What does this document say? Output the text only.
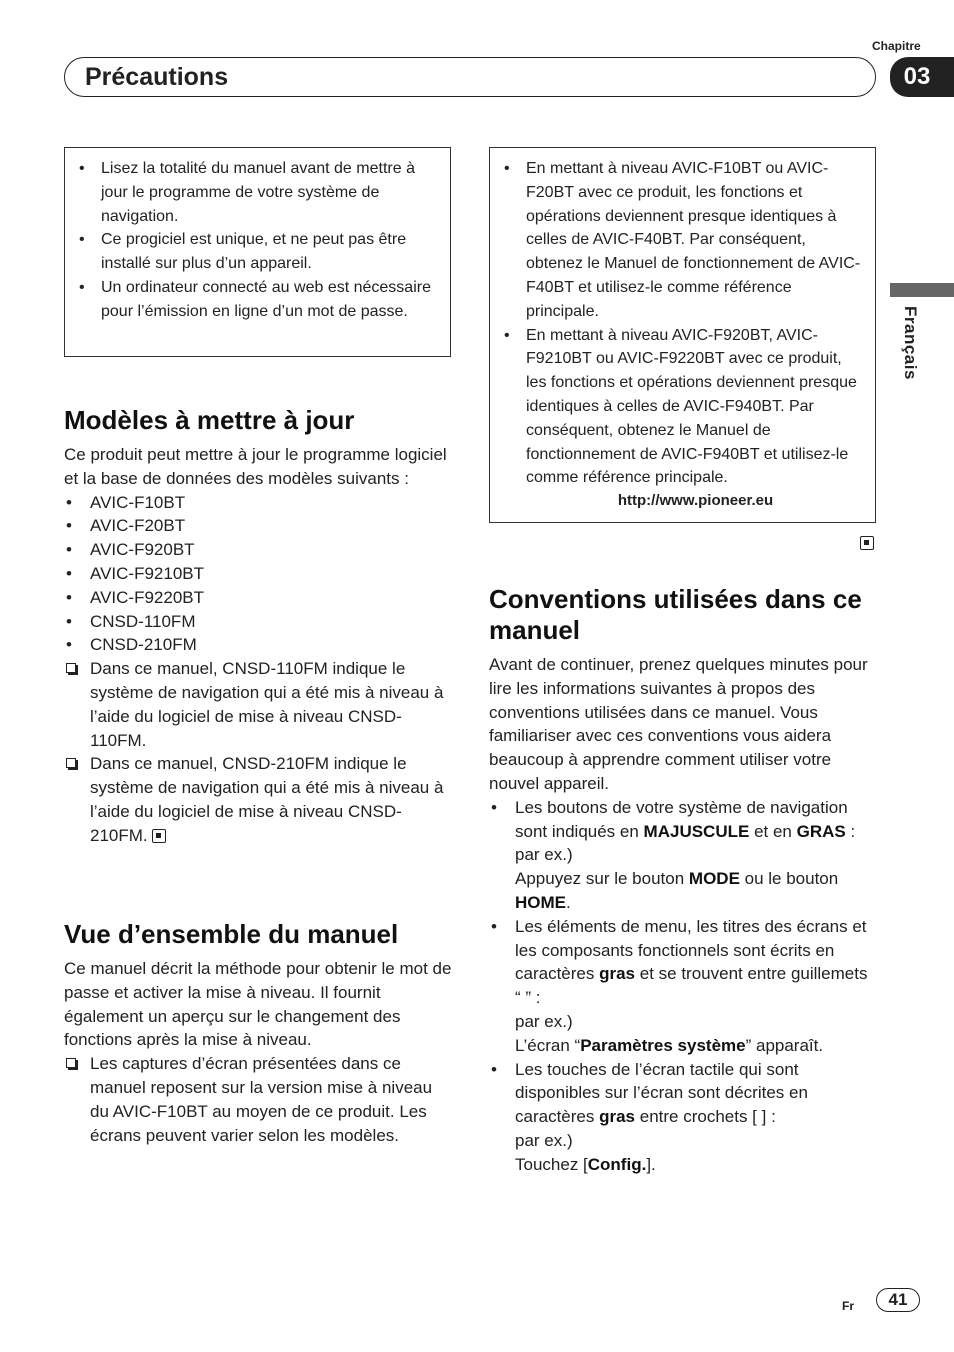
Chapitre
Précautions	03
Français
• Lisez la totalité du manuel avant de mettre à jour le programme de votre système de navigation.
• Ce progiciel est unique, et ne peut pas être installé sur plus d’un appareil.
• Un ordinateur connecté au web est nécessaire pour l’émission en ligne d’un mot de passe.
• En mettant à niveau AVIC-F10BT ou AVIC-F20BT avec ce produit, les fonctions et opérations deviennent presque identiques à celles de AVIC-F40BT. Par conséquent, obtenez le Manuel de fonctionnement de AVIC-F40BT et utilisez-le comme référence principale.
• En mettant à niveau AVIC-F920BT, AVIC-F9210BT ou AVIC-F9220BT avec ce produit, les fonctions et opérations deviennent presque identiques à celles de AVIC-F940BT. Par conséquent, obtenez le Manuel de fonctionnement de AVIC-F940BT et utilisez-le comme référence principale.
http://www.pioneer.eu
Modèles à mettre à jour

Ce produit peut mettre à jour le programme logiciel et la base de données des modèles suivants :

• AVIC-F10BT
• AVIC-F20BT
• AVIC-F920BT
• AVIC-F9210BT
• AVIC-F9220BT
• CNSD-110FM
• CNSD-210FM
Dans ce manuel, CNSD-110FM indique le système de navigation qui a été mis à niveau à l’aide du logiciel de mise à niveau CNSD-110FM.
Dans ce manuel, CNSD-210FM indique le système de navigation qui a été mis à niveau à l’aide du logiciel de mise à niveau CNSD-210FM.
Vue d’ensemble du manuel

Ce manuel décrit la méthode pour obtenir le mot de passe et activer la mise à niveau. Il fournit également un aperçu sur le changement des fonctions après la mise à niveau.

Les captures d’écran présentées dans ce manuel reposent sur la version mise à niveau du AVIC-F10BT au moyen de ce produit. Les écrans peuvent varier selon les modèles.
Conventions utilisées dans ce manuel

Avant de continuer, prenez quelques minutes pour lire les informations suivantes à propos des conventions utilisées dans ce manuel. Vous familiariser avec ces conventions vous aidera beaucoup à apprendre comment utiliser votre nouvel appareil.

• Les boutons de votre système de navigation sont indiqués en MAJUSCULE et en GRAS :
par ex.)
Appuyez sur le bouton MODE ou le bouton HOME.
• Les éléments de menu, les titres des écrans et les composants fonctionnels sont écrits en caractères gras et se trouvent entre guillemets “ ” :
par ex.)
L’écran “Paramètres système” apparaît.
• Les touches de l’écran tactile qui sont disponibles sur l’écran sont décrites en caractères gras entre crochets [ ] :
par ex.)
Touchez [Config.].
Fr	41
